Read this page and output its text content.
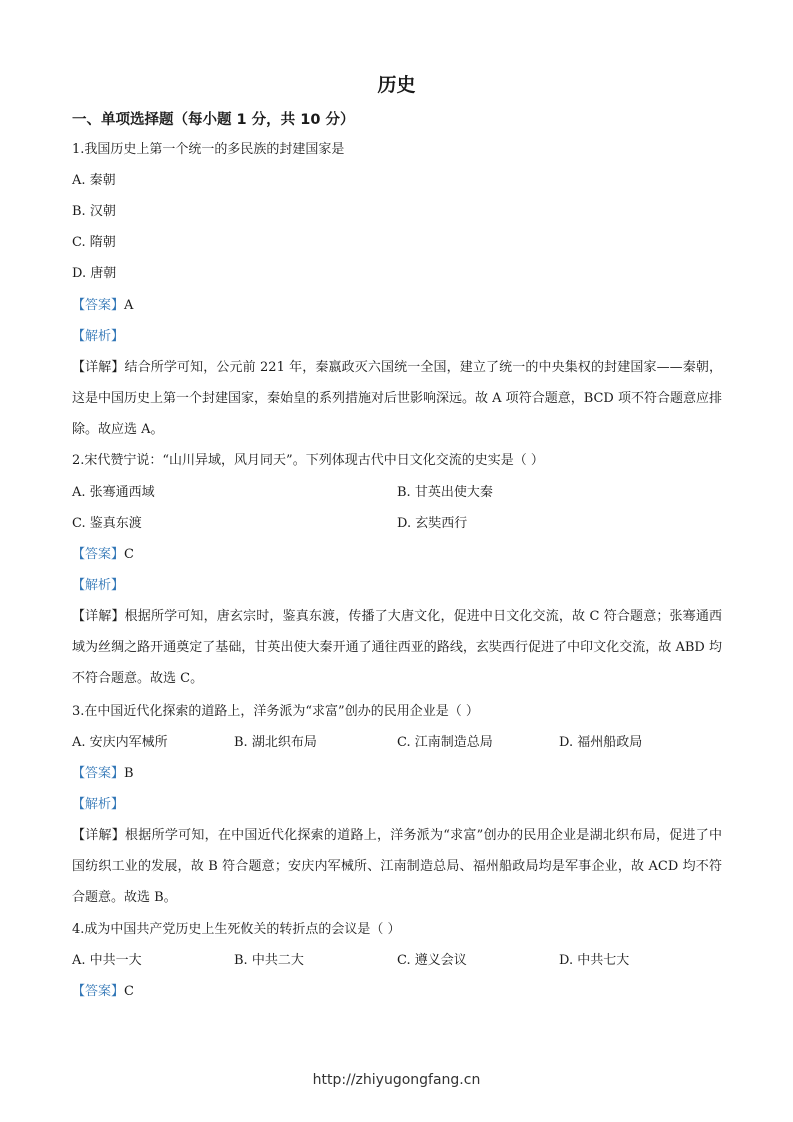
历史
一、单项选择题（每小题 1 分，共 10 分）
1.我国历史上第一个统一的多民族的封建国家是
A. 秦朝
B. 汉朝
C. 隋朝
D. 唐朝
【答案】A
【解析】
【详解】结合所学可知，公元前 221 年，秦嬴政灭六国统一全国，建立了统一的中央集权的封建国家——秦朝，这是中国历史上第一个封建国家，秦始皇的系列措施对后世影响深远。故 A 项符合题意，BCD 项不符合题意应排除。故应选 A。
2.宋代赞宁说：“山川异域，风月同天”。下列体现古代中日文化交流的史实是（ ）
A. 张骞通西域	B. 甘英出使大秦
C. 鉴真东渡	D. 玄奘西行
【答案】C
【解析】
【详解】根据所学可知，唐玄宗时，鉴真东渡，传播了大唐文化，促进中日文化交流，故 C 符合题意；张骞通西域为丝绸之路开通奠定了基础，甘英出使大秦开通了通往西亚的路线，玄奘西行促进了中印文化交流，故 ABD 均不符合题意。故选 C。
3.在中国近代化探索的道路上，洋务派为“求富”创办的民用企业是（ ）
A. 安庆内军械所	B. 湖北织布局	C. 江南制造总局	D. 福州船政局
【答案】B
【解析】
【详解】根据所学可知，在中国近代化探索的道路上，洋务派为“求富”创办的民用企业是湖北织布局，促进了中国纺织工业的发展，故 B 符合题意；安庆内军械所、江南制造总局、福州船政局均是军事企业，故 ACD 均不符合题意。故选 B。
4.成为中国共产党历史上生死攸关的转折点的会议是（ ）
A. 中共一大	B. 中共二大	C. 遵义会议	D. 中共七大
【答案】C
http://zhiyugongfang.cn
